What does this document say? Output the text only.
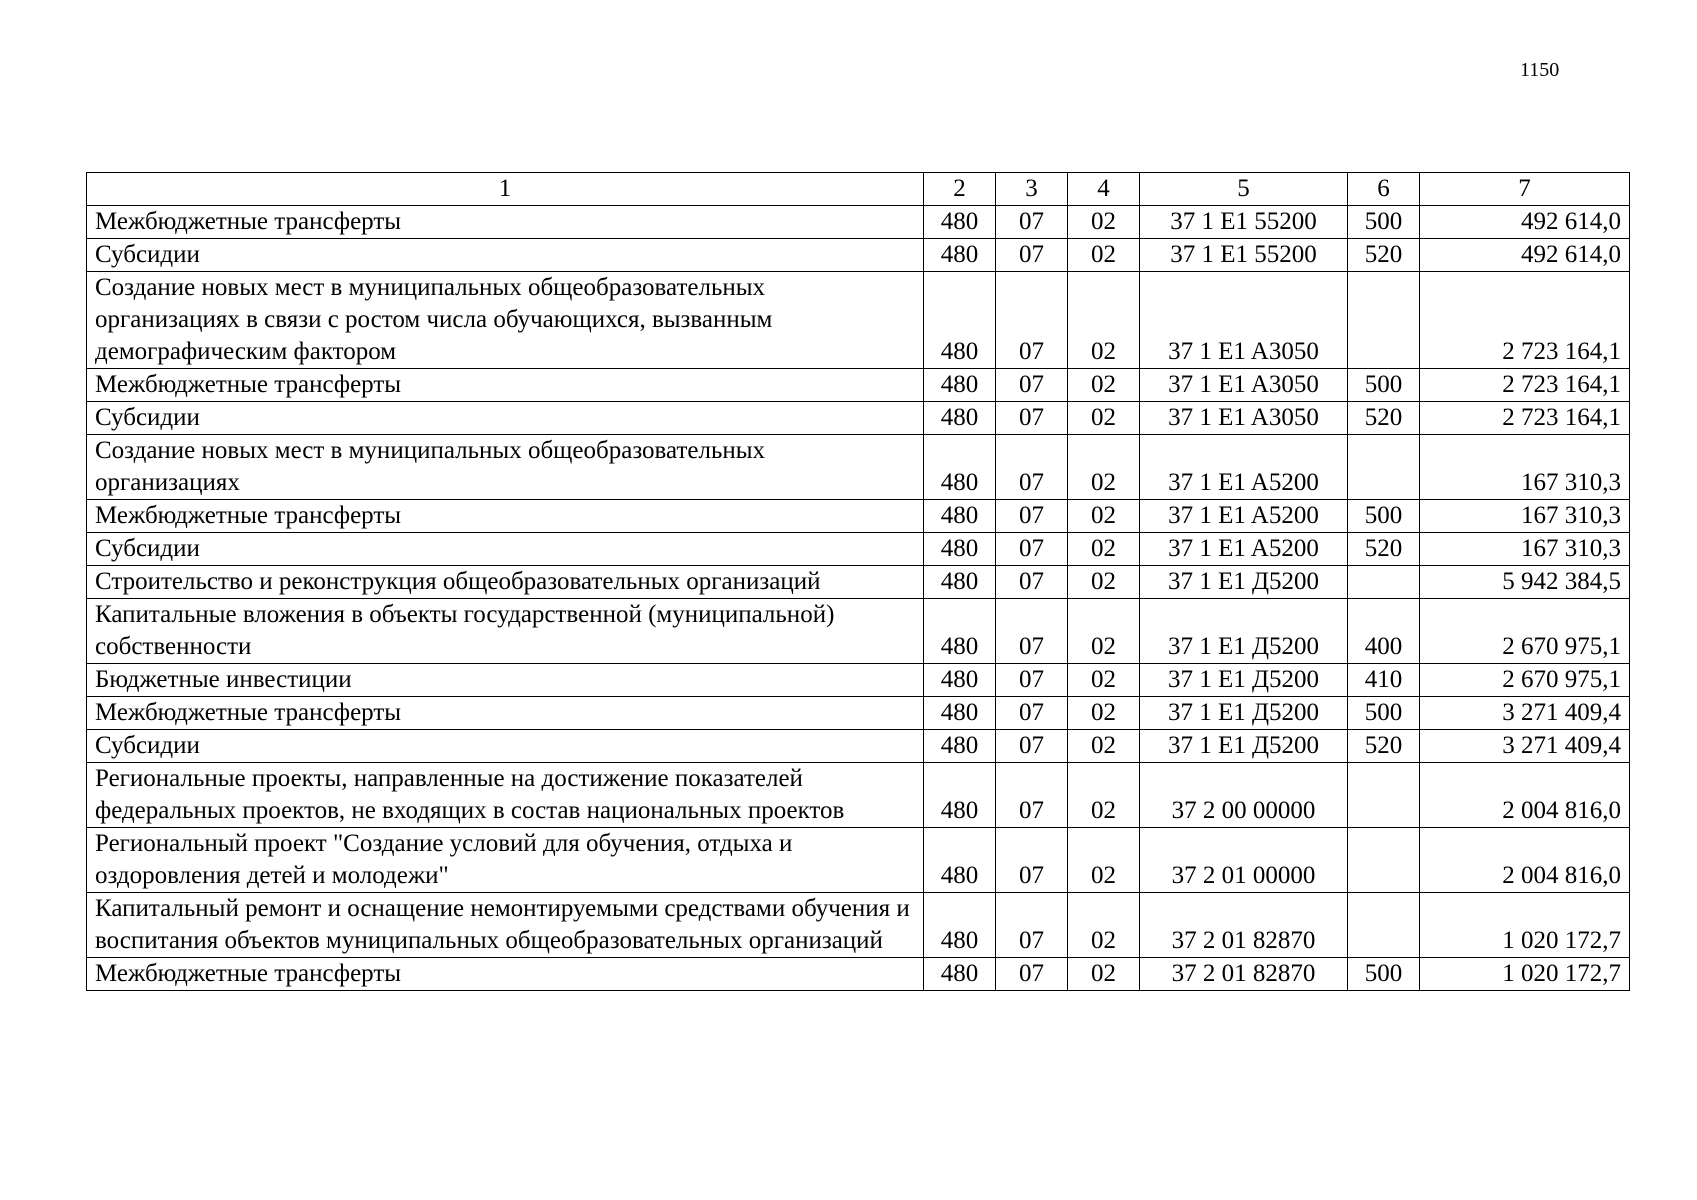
1150
1	2	3	4	5	6	7
Межбюджетные трансферты	480	07	02	37 1 E1 55200	500	492 614,0
Субсидии	480	07	02	37 1 E1 55200	520	492 614,0
Создание новых мест в муниципальных общеобразовательных организациях в связи с ростом числа обучающихся, вызванным демографическим фактором	480	07	02	37 1 E1 A3050		2 723 164,1
Межбюджетные трансферты	480	07	02	37 1 E1 A3050	500	2 723 164,1
Субсидии	480	07	02	37 1 E1 A3050	520	2 723 164,1
Создание новых мест в муниципальных общеобразовательных организациях	480	07	02	37 1 E1 A5200		167 310,3
Межбюджетные трансферты	480	07	02	37 1 E1 A5200	500	167 310,3
Субсидии	480	07	02	37 1 E1 A5200	520	167 310,3
Строительство и реконструкция общеобразовательных организаций	480	07	02	37 1 E1 Д5200		5 942 384,5
Капитальные вложения в объекты государственной (муниципальной) собственности	480	07	02	37 1 E1 Д5200	400	2 670 975,1
Бюджетные инвестиции	480	07	02	37 1 E1 Д5200	410	2 670 975,1
Межбюджетные трансферты	480	07	02	37 1 E1 Д5200	500	3 271 409,4
Субсидии	480	07	02	37 1 E1 Д5200	520	3 271 409,4
Региональные проекты, направленные на достижение показателей федеральных проектов, не входящих в состав национальных проектов	480	07	02	37 2 00 00000		2 004 816,0
Региональный проект "Создание условий для обучения, отдыха и оздоровления детей и молодежи"	480	07	02	37 2 01 00000		2 004 816,0
Капитальный ремонт и оснащение немонтируемыми средствами обучения и воспитания объектов муниципальных общеобразовательных организаций	480	07	02	37 2 01 82870		1 020 172,7
Межбюджетные трансферты	480	07	02	37 2 01 82870	500	1 020 172,7
